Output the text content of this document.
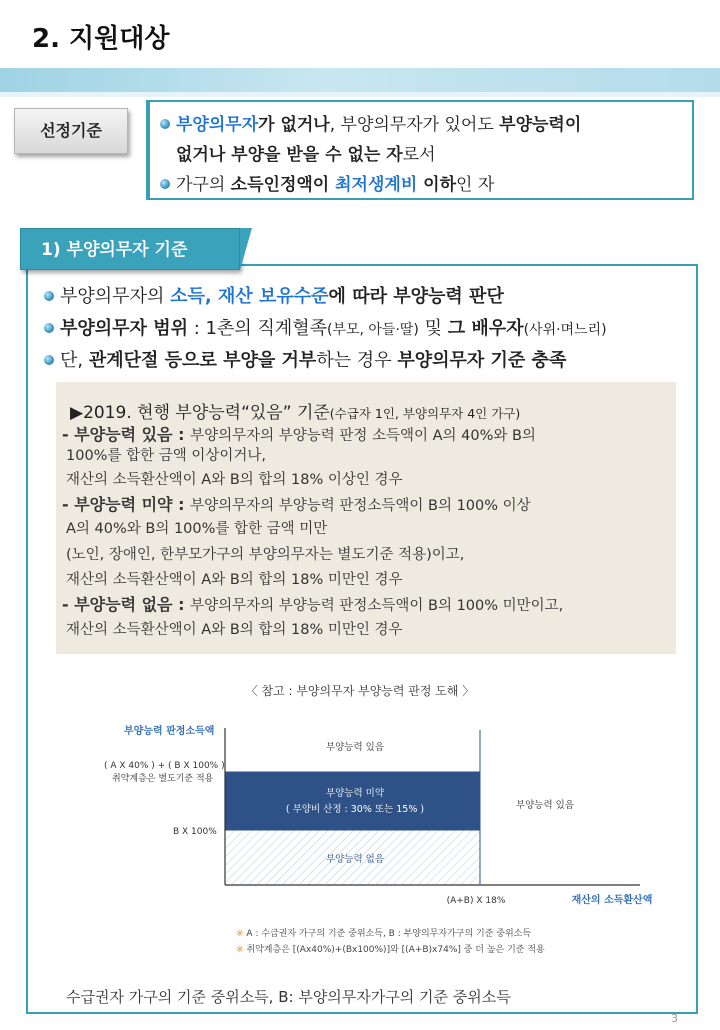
2. 지원대상
선정기준	부양의무자가 없거나, 부양의무자가 있어도 부양능력이
없거나 부양을 받을 수 없는 자로서
가구의 소득인정액이 최저생계비 이하인 자
1) 부양의무자 기준
부양의무자의 소득, 재산 보유수준에 따라 부양능력 판단
부양의무자 범위 : 1촌의 직계혈족(부모, 아들·딸) 및 그 배우자(사위·며느리)
단, 관계단절 등으로 부양을 거부하는 경우 부양의무자 기준 충족
▶2019. 현행 부양능력“있음” 기준(수급자 1인, 부양의무자 4인 가구)
- 부양능력 있음 : 부양의무자의 부양능력 판정 소득액이 A의 40%와 B의
100%를 합한 금액 이상이거나,
재산의 소득환산액이 A와 B의 합의 18% 이상인 경우
- 부양능력 미약 : 부양의무자의 부양능력 판정소득액이 B의 100% 이상
A의 40%와 B의 100%를 합한 금액 미만
(노인, 장애인, 한부모가구의 부양의무자는 별도기준 적용)이고,
재산의 소득환산액이 A와 B의 합의 18% 미만인 경우
- 부양능력 없음 : 부양의무자의 부양능력 판정소득액이 B의 100% 미만이고,
재산의 소득환산액이 A와 B의 합의 18% 미만인 경우
〈 참고 : 부양의무자 부양능력 판정 도해 〉
부양능력 판정소득액
( A X 40% ) + ( B X 100% )
취약계층은 별도기준 적용
B X 100%
부양능력 있음
부양능력 미약
( 부양비 산정 : 30% 또는 15% )
부양능력 없음
부양능력 있음
(A+B) X 18%	재산의 소득환산액
※ A : 수급권자 가구의 기준 중위소득, B : 부양의무자가구의 기준 중위소득
※ 취약계층은 [(Ax40%)+(Bx100%)]와 [(A+B)x74%] 중 더 높은 기준 적용
수급권자 가구의 기준 중위소득, B: 부양의무자가구의 기준 중위소득
3
